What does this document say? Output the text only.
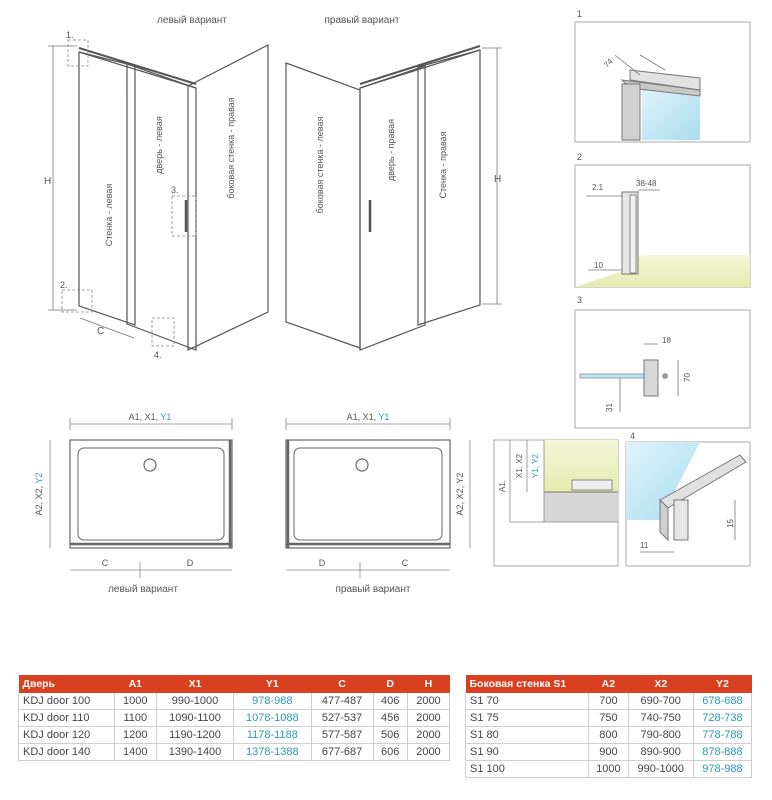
левый вариант	правый вариант
H
C
1.
2.
3.
4.
Стенка - левая
дверь - левая	боковая стенка - правая	H
боковая стенка - левая	дверь - правая	Стенка - правая
A1, X1, Y1
A2, X2, Y2
C	D
левый вариант
A1, X1, Y1
A2, X2, Y2
D	C
правый вариант
1
74
2
2.1	38-48
10
3
18
70
31
A1,
X1, X2 Y1, Y2
4
15
11
Дверь	A1	X1	Y1	C	D	H
KDJ door 100	1000	990-1000	978-988	477-487	406	2000
KDJ door 110	1100	1090-1100	1078-1088	527-537	456	2000
KDJ door 120	1200	1190-1200	1178-1188	577-587	506	2000
KDJ door 140	1400	1390-1400	1378-1388	677-687	606	2000
Боковая стенка S1	A2	X2	Y2
S1 70	700	690-700	678-688
S1 75	750	740-750	728-738
S1 80	800	790-800	778-788
S1 90	900	890-900	878-888
S1 100	1000	990-1000	978-988
